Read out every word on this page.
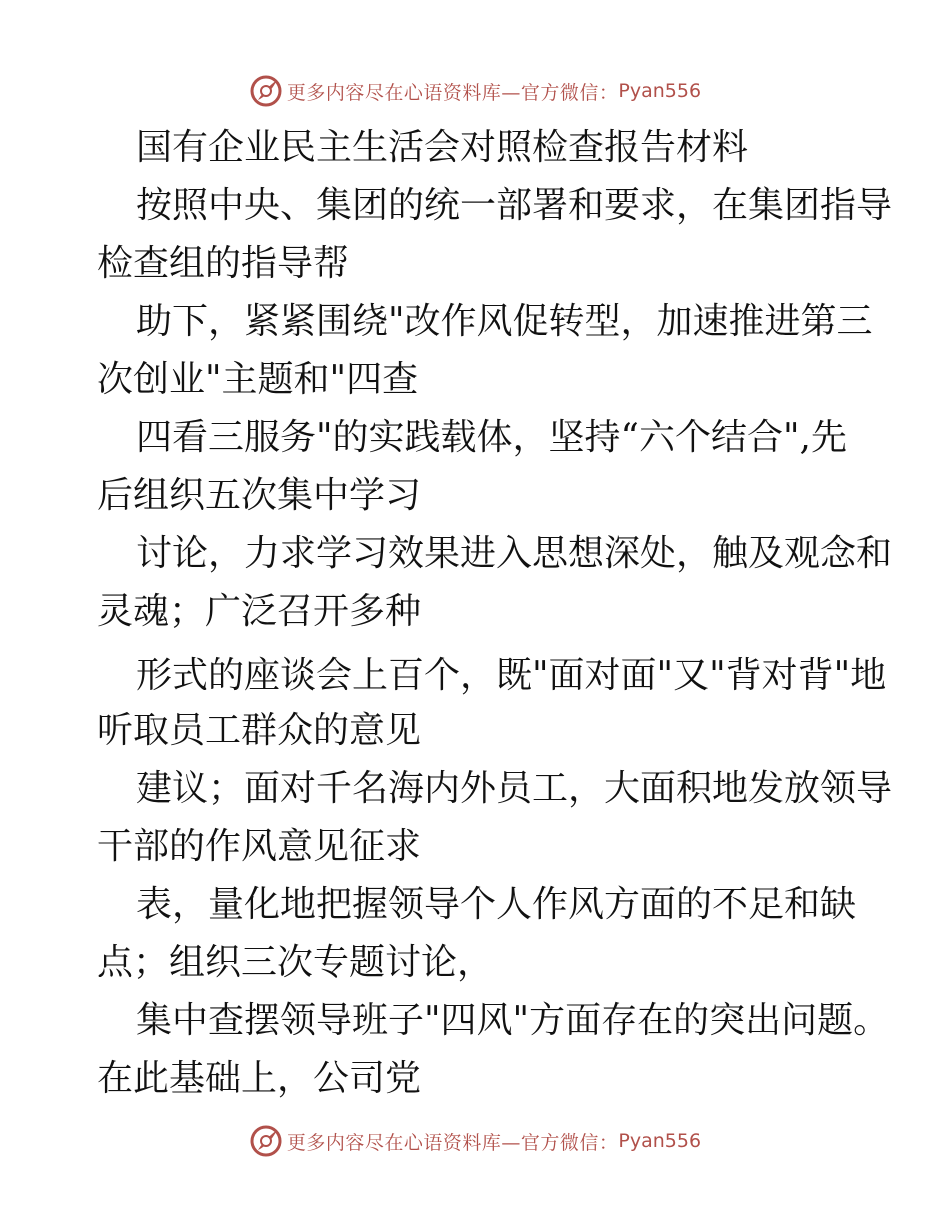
更多内容尽在心语资料库—官方微信： Pyan556
国有企业民主生活会对照检查报告材料
按照中央、集团的统一部署和要求，在集团指导
检查组的指导帮
助下，紧紧围绕"改作风促转型，加速推进第三
次创业"主题和"四查
四看三服务"的实践载体，坚持“六个结合",先
后组织五次集中学习
讨论，力求学习效果进入思想深处，触及观念和
灵魂；广泛召开多种
形式的座谈会上百个，既"面对面"又"背对背"地
听取员工群众的意见
建议；面对千名海内外员工，大面积地发放领导
干部的作风意见征求
表，量化地把握领导个人作风方面的不足和缺
点；组织三次专题讨论，
集中查摆领导班子"四风"方面存在的突出问题。
在此基础上，公司党
更多内容尽在心语资料库—官方微信： Pyan556
